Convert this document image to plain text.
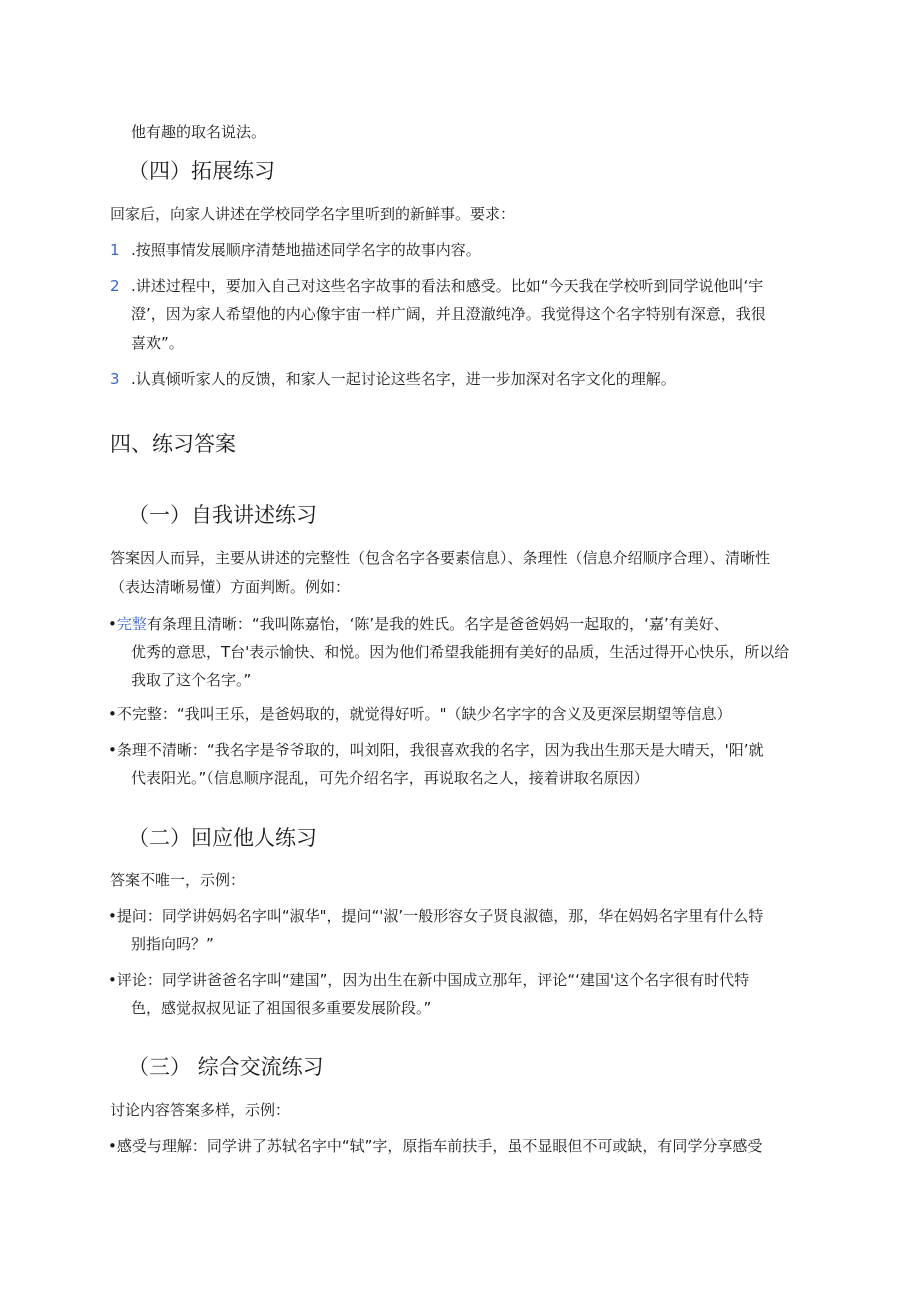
他有趣的取名说法。
（四）拓展练习
回家后，向家人讲述在学校同学名字里听到的新鲜事。要求：
1 .按照事情发展顺序清楚地描述同学名字的故事内容。
2 .讲述过程中，要加入自己对这些名字故事的看法和感受。比如“今天我在学校听到同学说他叫‘宇
澄’，因为家人希望他的内心像宇宙一样广阔，并且澄澈纯净。我觉得这个名字特别有深意，我很
喜欢”。
3 .认真倾听家人的反馈，和家人一起讨论这些名字，进一步加深对名字文化的理解。
四、练习答案
（一）自我讲述练习
答案因人而异，主要从讲述的完整性（包含名字各要素信息）、条理性（信息介绍顺序合理）、清晰性
（表达清晰易懂）方面判断。例如：
•完整有条理且清晰：“我叫陈嘉怡，‘陈’是我的姓氏。名字是爸爸妈妈一起取的，‘嘉’有美好、
优秀的意思，T台'表示愉快、和悦。因为他们希望我能拥有美好的品质，生活过得开心快乐，所以给
我取了这个名字。”
•不完整：“我叫王乐，是爸妈取的，就觉得好听。"（缺少名字字的含义及更深层期望等信息）
•条理不清晰：“我名字是爷爷取的，叫刘阳，我很喜欢我的名字，因为我出生那天是大晴天，'阳’就
代表阳光。”（信息顺序混乱，可先介绍名字，再说取名之人，接着讲取名原因）
（二）回应他人练习
答案不唯一，示例：
•提问：同学讲妈妈名字叫“淑华"，提问“'淑’一般形容女子贤良淑德，那，华在妈妈名字里有什么特
别指向吗？”
•评论：同学讲爸爸名字叫“建国”，因为出生在新中国成立那年，评论“‘建国'这个名字很有时代特
色，感觉叔叔见证了祖国很多重要发展阶段。”
（三） 综合交流练习
讨论内容答案多样，示例：
•感受与理解：同学讲了苏轼名字中“轼”字，原指车前扶手，虽不显眼但不可或缺，有同学分享感受
